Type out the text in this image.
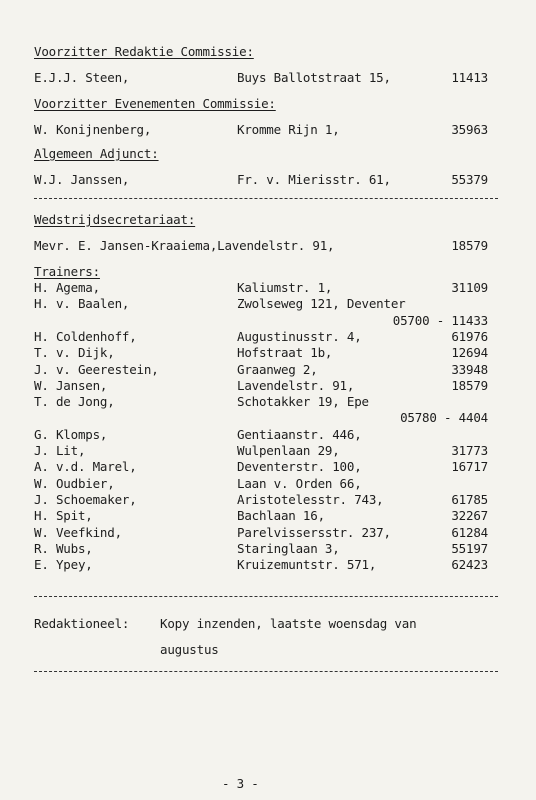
Voorzitter Redaktie Commissie:
E.J.J. Steen,	Buys Ballotstraat 15,	11413
Voorzitter Evenementen Commissie:
W. Konijnenberg,	Kromme Rijn 1,	35963
Algemeen Adjunct:
W.J. Janssen,	Fr. v. Mierisstr. 61,	55379
Wedstrijdsecretariaat:
Mevr. E. Jansen-Kraaiema,Lavendelstr. 91,	18579
Trainers:
H. Agema,	Kaliumstr. 1,	31109
H. v. Baalen,	Zwolseweg 121, Deventer
05700 - 11433
H. Coldenhoff,	Augustinusstr. 4,	61976
T. v. Dijk,	Hofstraat 1b,	12694
J. v. Geerestein,	Graanweg 2,	33948
W. Jansen,	Lavendelstr. 91,	18579
T. de Jong,	Schotakker 19, Epe
05780 - 4404
G. Klomps,	Gentiaanstr. 446,
J. Lit,	Wulpenlaan 29,	31773
A. v.d. Marel,	Deventerstr. 100,	16717
W. Oudbier,	Laan v. Orden 66,
J. Schoemaker,	Aristotelesstr. 743,	61785
H. Spit,	Bachlaan 16,	32267
W. Veefkind,	Parelvissersstr. 237,	61284
R. Wubs,	Staringlaan 3,	55197
E. Ypey,	Kruizemuntstr. 571,	62423
Redaktioneel: Kopy inzenden, laatste woensdag van
augustus
- 3 -
